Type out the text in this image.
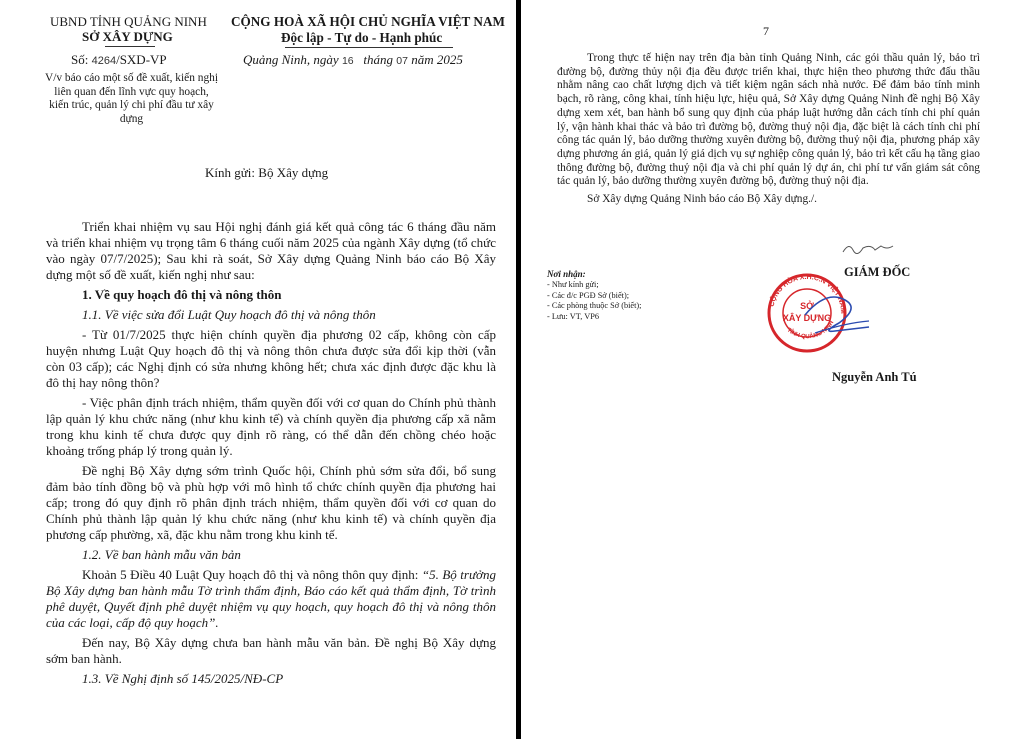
UBND TỈNH QUẢNG NINH
SỞ XÂY DỰNG
Số: 4264/SXD-VP
V/v báo cáo một số đề xuất, kiến nghị liên quan đến lĩnh vực quy hoạch, kiến trúc, quản lý chi phí đầu tư xây dựng
CỘNG HOÀ XÃ HỘI CHỦ NGHĨA VIỆT NAM
Độc lập - Tự do - Hạnh phúc
Quảng Ninh, ngày 16 tháng 07 năm 2025
Kính gửi: Bộ Xây dựng

Triển khai nhiệm vụ sau Hội nghị đánh giá kết quả công tác 6 tháng đầu năm và triển khai nhiệm vụ trọng tâm 6 tháng cuối năm 2025 của ngành Xây dựng (tổ chức vào ngày 07/7/2025); Sau khi rà soát, Sở Xây dựng Quảng Ninh báo cáo Bộ Xây dựng một số đề xuất, kiến nghị như sau:

1. Về quy hoạch đô thị và nông thôn

1.1. Về việc sửa đổi Luật Quy hoạch đô thị và nông thôn

- Từ 01/7/2025 thực hiện chính quyền địa phương 02 cấp, không còn cấp huyện nhưng Luật Quy hoạch đô thị và nông thôn chưa được sửa đổi kịp thời (vẫn còn 03 cấp); các Nghị định có sửa nhưng không hết; chưa xác định được đặc khu là đô thị hay nông thôn?

- Việc phân định trách nhiệm, thẩm quyền đối với cơ quan do Chính phủ thành lập quản lý khu chức năng (như khu kinh tế) và chính quyền địa phương cấp xã nằm trong khu kinh tế chưa được quy định rõ ràng, có thể dẫn đến chồng chéo hoặc khoảng trống pháp lý trong quản lý.

Đề nghị Bộ Xây dựng sớm trình Quốc hội, Chính phủ sớm sửa đổi, bổ sung đảm bảo tính đồng bộ và phù hợp với mô hình tổ chức chính quyền địa phương hai cấp; trong đó quy định rõ phân định trách nhiệm, thẩm quyền đối với cơ quan do Chính phủ thành lập quản lý khu chức năng (như khu kinh tế) và chính quyền địa phương cấp phường, xã, đặc khu nằm trong khu kinh tế.

1.2. Về ban hành mẫu văn bản

Khoản 5 Điều 40 Luật Quy hoạch đô thị và nông thôn quy định: “5. Bộ trưởng Bộ Xây dựng ban hành mẫu Tờ trình thẩm định, Báo cáo kết quả thẩm định, Tờ trình phê duyệt, Quyết định phê duyệt nhiệm vụ quy hoạch, quy hoạch đô thị và nông thôn của các loại, cấp độ quy hoạch”.

Đến nay, Bộ Xây dựng chưa ban hành mẫu văn bản. Đề nghị Bộ Xây dựng sớm ban hành.

1.3. Về Nghị định số 145/2025/NĐ-CP

7

Trong thực tế hiện nay trên địa bàn tỉnh Quảng Ninh, các gói thầu quản lý, bảo trì đường bộ, đường thủy nội địa đều được triển khai, thực hiện theo phương thức đấu thầu nhằm nâng cao chất lượng dịch và tiết kiệm ngân sách nhà nước. Để đảm bảo tính minh bạch, rõ ràng, công khai, tính hiệu lực, hiệu quả, Sở Xây dựng Quảng Ninh đề nghị Bộ Xây dựng xem xét, ban hành bổ sung quy định của pháp luật hướng dẫn cách tính chi phí quản lý, vận hành khai thác và bảo trì đường bộ, đường thuỷ nội địa, đặc biệt là cách tính chi phí công tác quản lý, bảo dưỡng thường xuyên đường bộ, đường thuỷ nội địa, phương pháp xây dựng phương án giá, quản lý giá dịch vụ sự nghiệp công quản lý, bảo trì kết cấu hạ tầng giao thông đường bộ, đường thuỷ nội địa và chi phí quản lý dự án, chi phí tư vấn giám sát công tác quản lý, bảo dưỡng thường xuyên đường bộ, đường thuỷ nội địa.

Sở Xây dựng Quảng Ninh báo cáo Bộ Xây dựng./.

Nơi nhận:
- Như kính gửi;
- Các đ/c PGĐ Sở (biết);
- Các phòng thuộc Sở (biết);
- Lưu: VT, VP6
GIÁM ĐỐC
CỘNG HÒA X.H.C.N VIỆT NAM
TỈNH QUẢNG NINH
SỞ
XÂY DỰNG
Nguyễn Anh Tú
